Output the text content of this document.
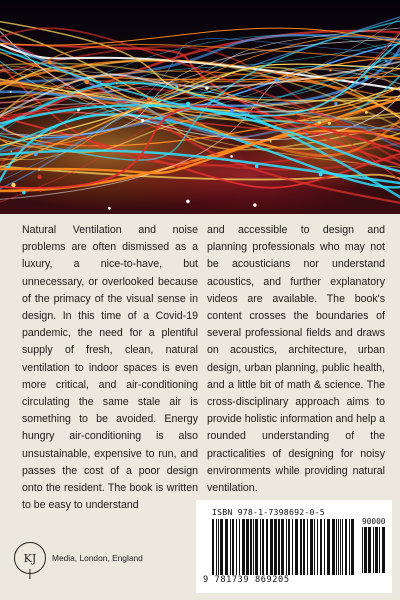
Natural Ventilation and noise problems are often dismissed as a luxury, a nice-to-have, but unnecessary, or overlooked because of the primacy of the visual sense in design. In this time of a Covid-19 pandemic, the need for a plentiful supply of fresh, clean, natural ventilation to indoor spaces is even more critical, and air-conditioning circulating the same stale air is something to be avoided. Energy hungry air-conditioning is also unsustainable, expensive to run, and passes the cost of a poor design onto the resident. The book is written to be easy to understand
and accessible to design and planning professionals who may not be acousticians nor understand acoustics, and further explanatory videos are available. The book's content crosses the boundaries of several professional fields and draws on acoustics, architecture, urban design, urban planning, public health, and a little bit of math & science. The cross-disciplinary approach aims to provide holistic information and help a rounded understanding of the practicalities of designing for noisy environments while providing natural ventilation.
KJ	Media, London, England
ISBN 978-1-7398692-0-5
90000
9 781739 869205
